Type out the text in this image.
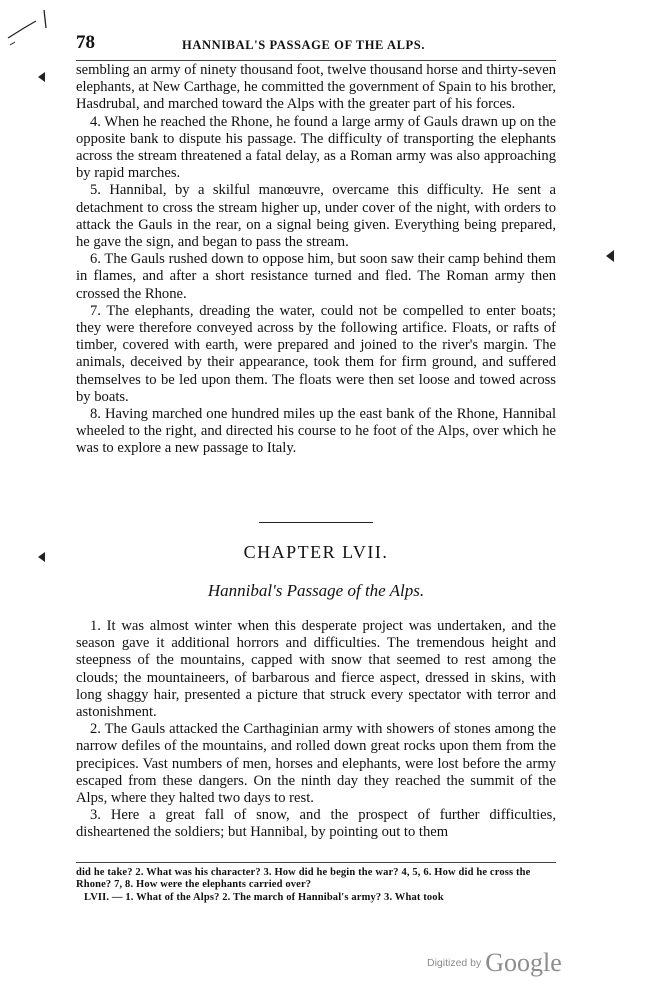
78	HANNIBAL'S PASSAGE OF THE ALPS.

sembling an army of ninety thousand foot, twelve thousand horse and thirty-seven elephants, at New Carthage, he committed the government of Spain to his brother, Hasdrubal, and marched toward the Alps with the greater part of his forces.

4. When he reached the Rhone, he found a large army of Gauls drawn up on the opposite bank to dispute his passage. The difficulty of transporting the elephants across the stream threatened a fatal delay, as a Roman army was also approaching by rapid marches.

5. Hannibal, by a skilful manœuvre, overcame this difficulty. He sent a detachment to cross the stream higher up, under cover of the night, with orders to attack the Gauls in the rear, on a signal being given. Everything being prepared, he gave the sign, and began to pass the stream.

6. The Gauls rushed down to oppose him, but soon saw their camp behind them in flames, and after a short resistance turned and fled. The Roman army then crossed the Rhone.

7. The elephants, dreading the water, could not be compelled to enter boats; they were therefore conveyed across by the following artifice. Floats, or rafts of timber, covered with earth, were prepared and joined to the river's margin. The animals, deceived by their appearance, took them for firm ground, and suffered themselves to be led upon them. The floats were then set loose and towed across by boats.

8. Having marched one hundred miles up the east bank of the Rhone, Hannibal wheeled to the right, and directed his course to he foot of the Alps, over which he was to explore a new passage to Italy.

CHAPTER LVII.
Hannibal's Passage of the Alps.

1. It was almost winter when this desperate project was undertaken, and the season gave it additional horrors and difficulties. The tremendous height and steepness of the mountains, capped with snow that seemed to rest among the clouds; the mountaineers, of barbarous and fierce aspect, dressed in skins, with long shaggy hair, presented a picture that struck every spectator with terror and astonishment.

2. The Gauls attacked the Carthaginian army with showers of stones among the narrow defiles of the mountains, and rolled down great rocks upon them from the precipices. Vast numbers of men, horses and elephants, were lost before the army escaped from these dangers. On the ninth day they reached the summit of the Alps, where they halted two days to rest.

3. Here a great fall of snow, and the prospect of further difficulties, disheartened the soldiers; but Hannibal, by pointing out to them

did he take? 2. What was his character? 3. How did he begin the war? 4, 5, 6. How did he cross the Rhone? 7, 8. How were the elephants carried over?

LVII. — 1. What of the Alps? 2. The march of Hannibal's army? 3. What took

Digitized by Google
